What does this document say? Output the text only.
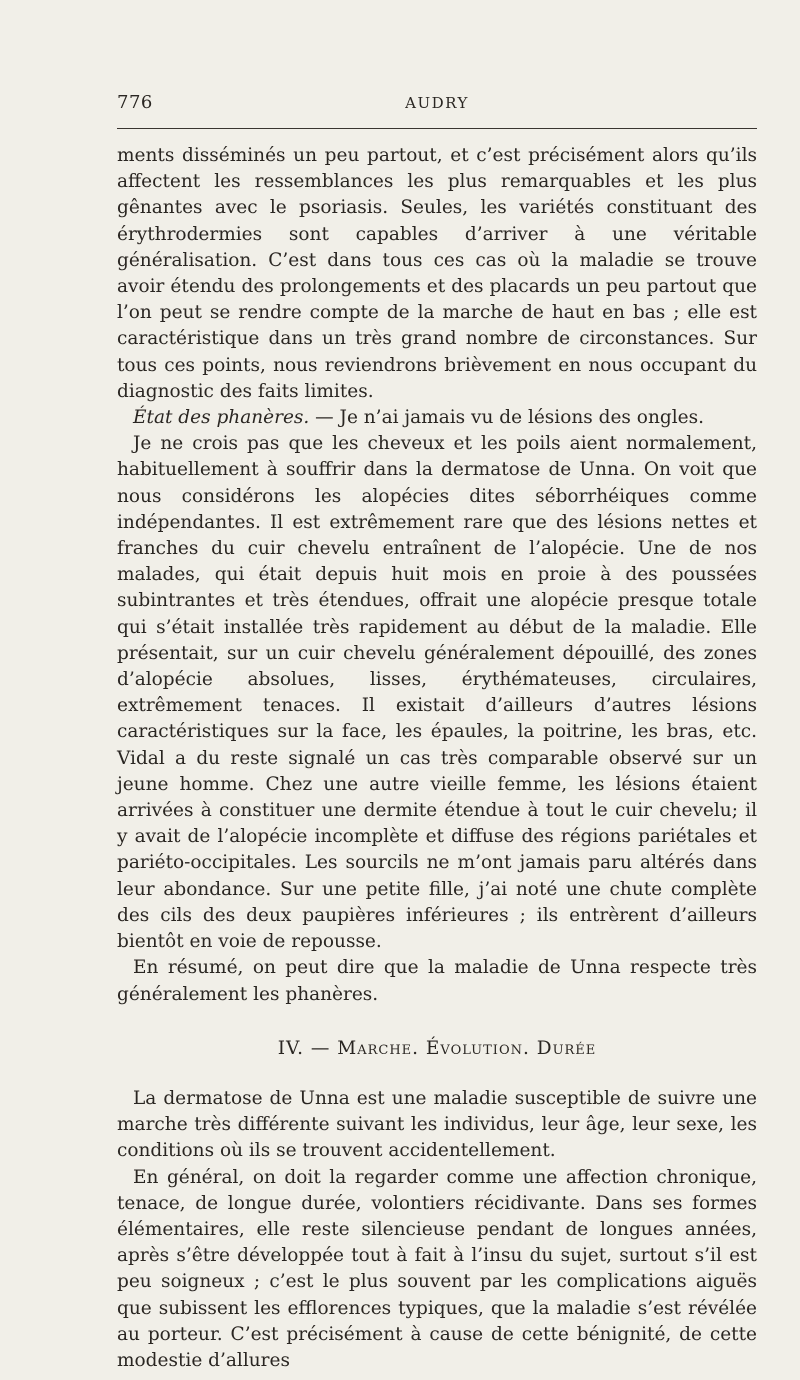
776	AUDRY

ments disséminés un peu partout, et c’est précisément alors qu’ils affectent les ressemblances les plus remarquables et les plus gênantes avec le psoriasis. Seules, les variétés constituant des érythrodermies sont capables d’arriver à une véritable généralisation. C’est dans tous ces cas où la maladie se trouve avoir étendu des prolongements et des placards un peu partout que l’on peut se rendre compte de la marche de haut en bas ; elle est caractéristique dans un très grand nombre de circonstances. Sur tous ces points, nous reviendrons brièvement en nous occupant du diagnostic des faits limites.

État des phanères. — Je n’ai jamais vu de lésions des ongles.

Je ne crois pas que les cheveux et les poils aient normalement, habituellement à souffrir dans la dermatose de Unna. On voit que nous considérons les alopécies dites séborrhéiques comme indépendantes. Il est extrêmement rare que des lésions nettes et franches du cuir chevelu entraînent de l’alopécie. Une de nos malades, qui était depuis huit mois en proie à des poussées subintrantes et très étendues, offrait une alopécie presque totale qui s’était installée très rapidement au début de la maladie. Elle présentait, sur un cuir chevelu généralement dépouillé, des zones d’alopécie absolues, lisses, érythémateuses, circulaires, extrêmement tenaces. Il existait d’ailleurs d’autres lésions caractéristiques sur la face, les épaules, la poitrine, les bras, etc. Vidal a du reste signalé un cas très comparable observé sur un jeune homme. Chez une autre vieille femme, les lésions étaient arrivées à constituer une dermite étendue à tout le cuir chevelu; il y avait de l’alopécie incomplète et diffuse des régions pariétales et pariéto-occipitales. Les sourcils ne m’ont jamais paru altérés dans leur abondance. Sur une petite fille, j’ai noté une chute complète des cils des deux paupières inférieures ; ils entrèrent d’ailleurs bientôt en voie de repousse.

En résumé, on peut dire que la maladie de Unna respecte très généralement les phanères.

IV. — Marche. Évolution. Durée

La dermatose de Unna est une maladie susceptible de suivre une marche très différente suivant les individus, leur âge, leur sexe, les conditions où ils se trouvent accidentellement.

En général, on doit la regarder comme une affection chronique, tenace, de longue durée, volontiers récidivante. Dans ses formes élémentaires, elle reste silencieuse pendant de longues années, après s’être développée tout à fait à l’insu du sujet, surtout s’il est peu soigneux ; c’est le plus souvent par les complications aiguës que subissent les efflorences typiques, que la maladie s’est révélée au porteur. C’est précisément à cause de cette bénignité, de cette modestie d’allures
